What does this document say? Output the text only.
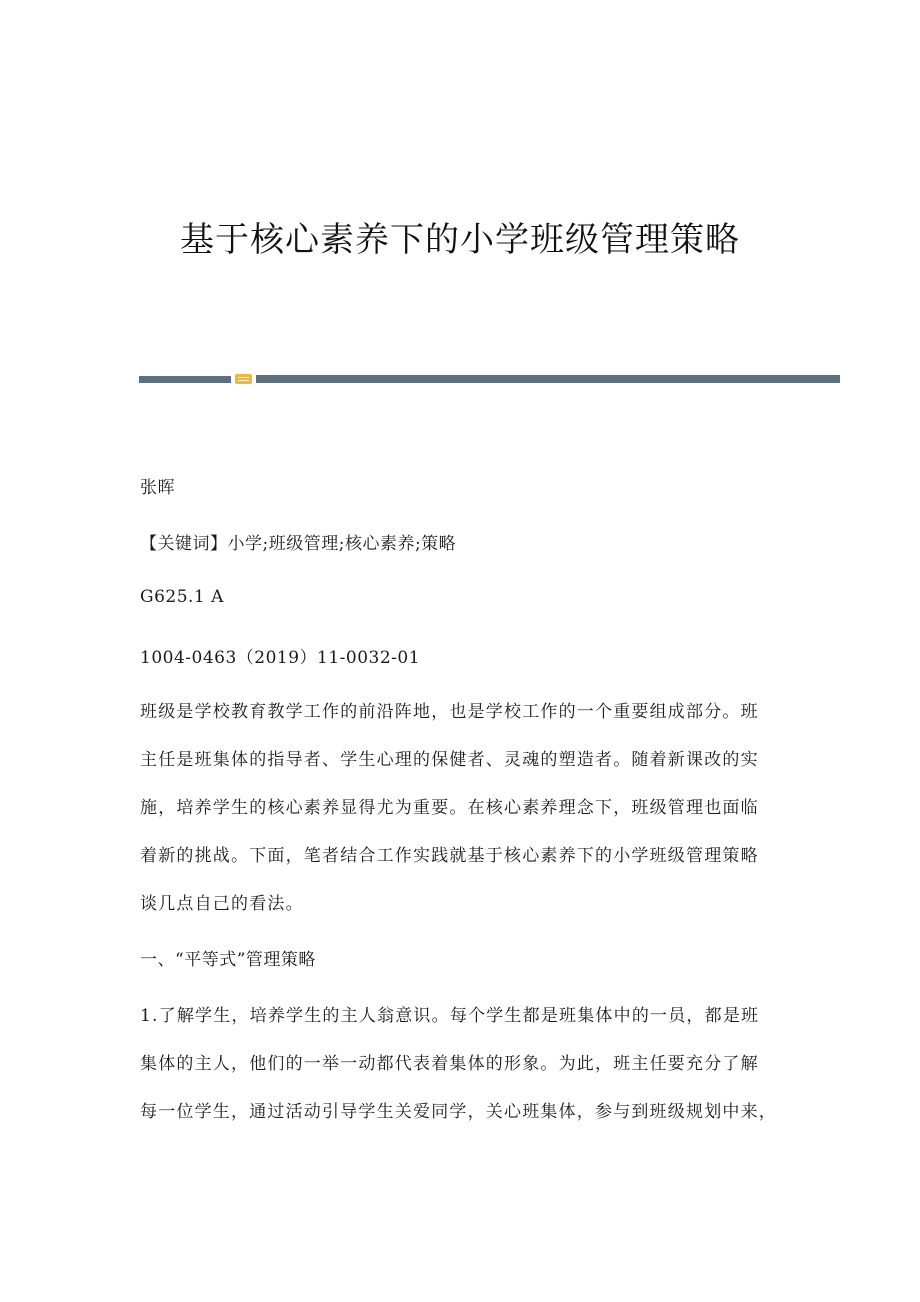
基于核心素养下的小学班级管理策略
张晖
【关键词】小学;班级管理;核心素养;策略
G625.1 A
1004-0463（2019）11-0032-01
班级是学校教育教学工作的前沿阵地，也是学校工作的一个重要组成部分。班
主任是班集体的指导者、学生心理的保健者、灵魂的塑造者。随着新课改的实
施，培养学生的核心素养显得尤为重要。在核心素养理念下，班级管理也面临
着新的挑战。下面，笔者结合工作实践就基于核心素养下的小学班级管理策略
谈几点自己的看法。
一、“平等式”管理策略
1.了解学生，培养学生的主人翁意识。每个学生都是班集体中的一员，都是班
集体的主人，他们的一举一动都代表着集体的形象。为此，班主任要充分了解
每一位学生，通过活动引导学生关爱同学，关心班集体，参与到班级规划中来，
